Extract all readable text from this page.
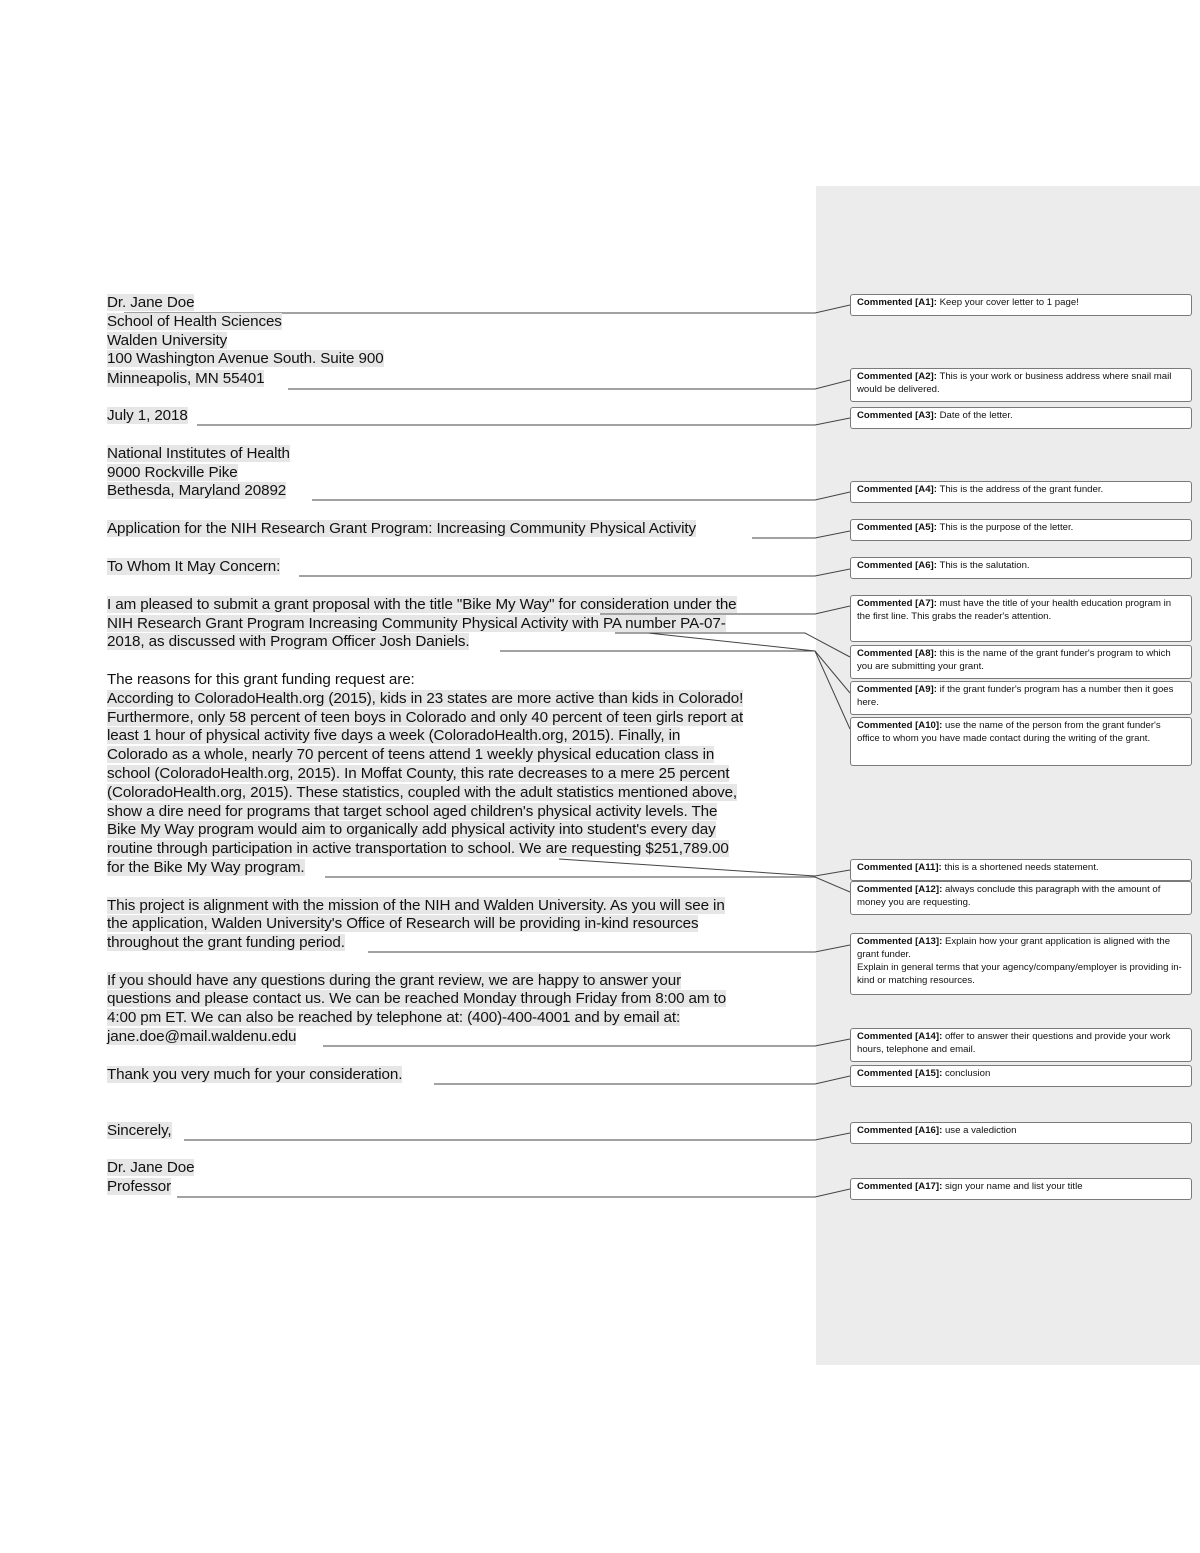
Dr. Jane Doe
School of Health Sciences
Walden University
100 Washington Avenue South. Suite 900
Minneapolis, MN 55401
July 1, 2018
National Institutes of Health
9000 Rockville Pike
Bethesda, Maryland 20892
Application for the NIH Research Grant Program: Increasing Community Physical Activity
To Whom It May Concern:
I am pleased to submit a grant proposal with the title "Bike My Way" for consideration under the
NIH Research Grant Program Increasing Community Physical Activity with PA number PA-07-
2018, as discussed with Program Officer Josh Daniels.
The reasons for this grant funding request are:
According to ColoradoHealth.org (2015), kids in 23 states are more active than kids in Colorado!
Furthermore, only 58 percent of teen boys in Colorado and only 40 percent of teen girls report at
least 1 hour of physical activity five days a week (ColoradoHealth.org, 2015). Finally, in
Colorado as a whole, nearly 70 percent of teens attend 1 weekly physical education class in
school (ColoradoHealth.org, 2015). In Moffat County, this rate decreases to a mere 25 percent
(ColoradoHealth.org, 2015). These statistics, coupled with the adult statistics mentioned above,
show a dire need for programs that target school aged children's physical activity levels. The
Bike My Way program would aim to organically add physical activity into student's every day
routine through participation in active transportation to school. We are requesting $251,789.00
for the Bike My Way program.
This project is alignment with the mission of the NIH and Walden University. As you will see in
the application, Walden University's Office of Research will be providing in-kind resources
throughout the grant funding period.
If you should have any questions during the grant review, we are happy to answer your
questions and please contact us. We can be reached Monday through Friday from 8:00 am to
4:00 pm ET. We can also be reached by telephone at: (400)-400-4001 and by email at:
jane.doe@mail.waldenu.edu
Thank you very much for your consideration.
Sincerely,
Dr. Jane Doe
Professor
Commented [A1]: Keep your cover letter to 1 page!
Commented [A2]: This is your work or business address where snail mail would be delivered.
Commented [A3]: Date of the letter.
Commented [A4]: This is the address of the grant funder.
Commented [A5]: This is the purpose of the letter.
Commented [A6]: This is the salutation.
Commented [A7]: must have the title of your health education program in the first line. This grabs the reader's attention.
Commented [A8]: this is the name of the grant funder's program to which you are submitting your grant.
Commented [A9]: if the grant funder's program has a number then it goes here.
Commented [A10]: use the name of the person from the grant funder's office to whom you have made contact during the writing of the grant.
Commented [A11]: this is a shortened needs statement.
Commented [A12]: always conclude this paragraph with the amount of money you are requesting.
Commented [A13]: Explain how your grant application is aligned with the grant funder.
Explain in general terms that your agency/company/employer is providing in-kind or matching resources.
Commented [A14]: offer to answer their questions and provide your work hours, telephone and email.
Commented [A15]: conclusion
Commented [A16]: use a valediction
Commented [A17]: sign your name and list your title
